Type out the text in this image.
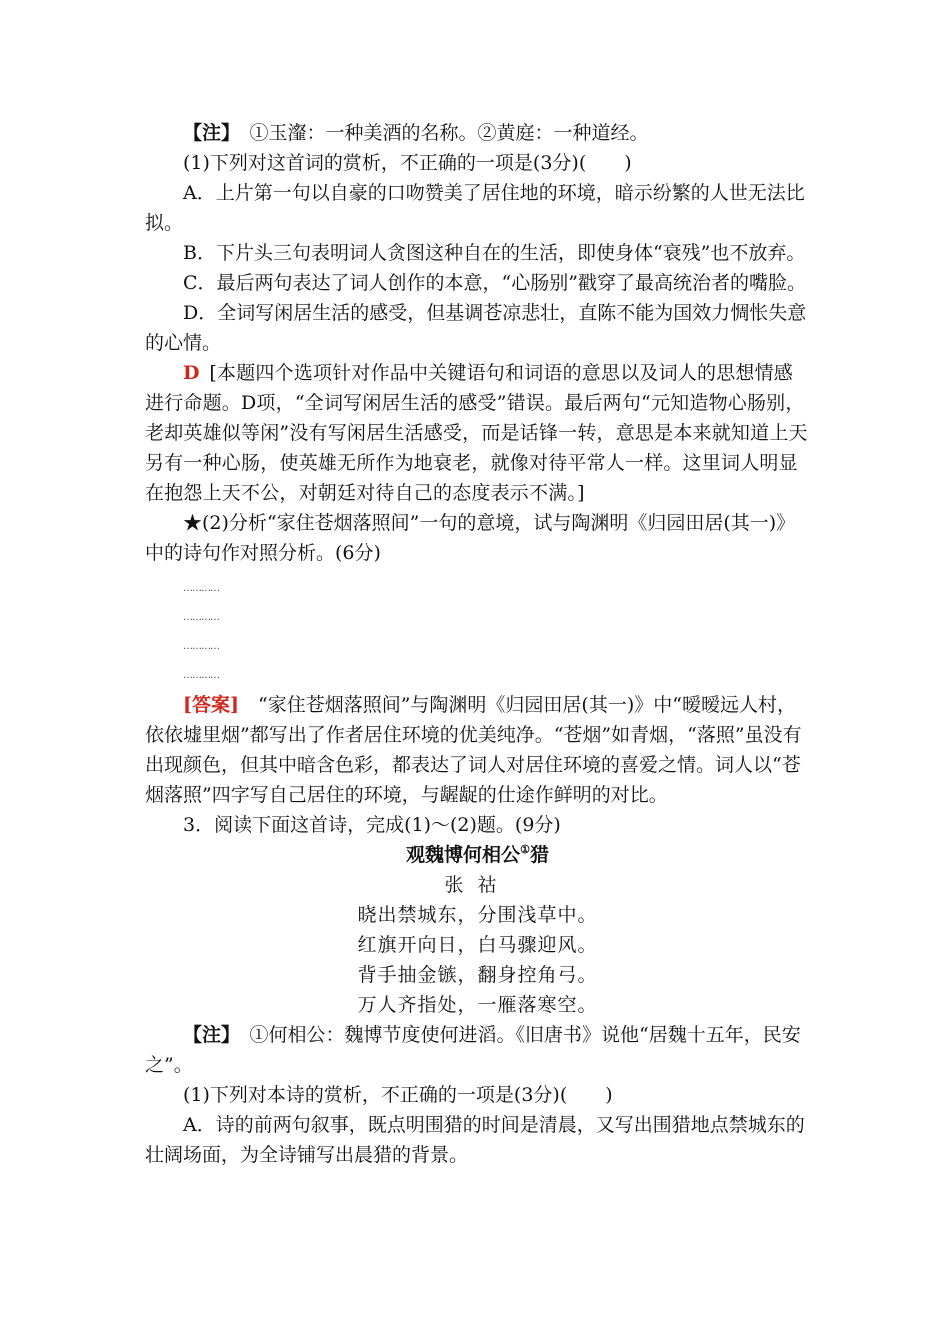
【注】　 ①玉瀣：一种美酒的名称。②黄庭：一种道经。

(1)下列对这首词的赏析，不正确的一项是(3分)(　　)

A．上片第一句以自豪的口吻赞美了居住地的环境，暗示纷繁的人世无法比拟。

B．下片头三句表明词人贪图这种自在的生活，即使身体“衰残”也不放弃。

C．最后两句表达了词人创作的本意，“心肠别”戳穿了最高统治者的嘴脸。

D．全词写闲居生活的感受，但基调苍凉悲壮，直陈不能为国效力惆怅失意的心情。

D  [本题四个选项针对作品中关键语句和词语的意思以及词人的思想情感进行命题。D项，“全词写闲居生活的感受”错误。最后两句“元知造物心肠别，老却英雄似等闲”没有写闲居生活感受，而是话锋一转，意思是本来就知道上天另有一种心肠，使英雄无所作为地衰老，就像对待平常人一样。这里词人明显在抱怨上天不公，对朝廷对待自己的态度表示不满。]

★(2)分析“家住苍烟落照间”一句的意境，试与陶渊明《归园田居(其一)》中的诗句作对照分析。(6分)

…………
…………
…………
…………

[答案]　 “家住苍烟落照间”与陶渊明《归园田居(其一)》中“暧暧远人村，依依墟里烟”都写出了作者居住环境的优美纯净。“苍烟”如青烟，“落照”虽没有出现颜色，但其中暗含色彩，都表达了词人对居住环境的喜爱之情。词人以“苍烟落照”四字写自己居住的环境，与龌龊的仕途作鲜明的对比。

3．阅读下面这首诗，完成(1)～(2)题。(9分)

观魏博何相公①猎

张祜

晓出禁城东，分围浅草中。

红旗开向日，白马骤迎风。

背手抽金镞，翻身控角弓。

万人齐指处，一雁落寒空。

【注】　 ①何相公：魏博节度使何进滔。《旧唐书》说他“居魏十五年，民安之”。

(1)下列对本诗的赏析，不正确的一项是(3分)(　　)

A．诗的前两句叙事，既点明围猎的时间是清晨，又写出围猎地点禁城东的壮阔场面，为全诗铺写出晨猎的背景。
